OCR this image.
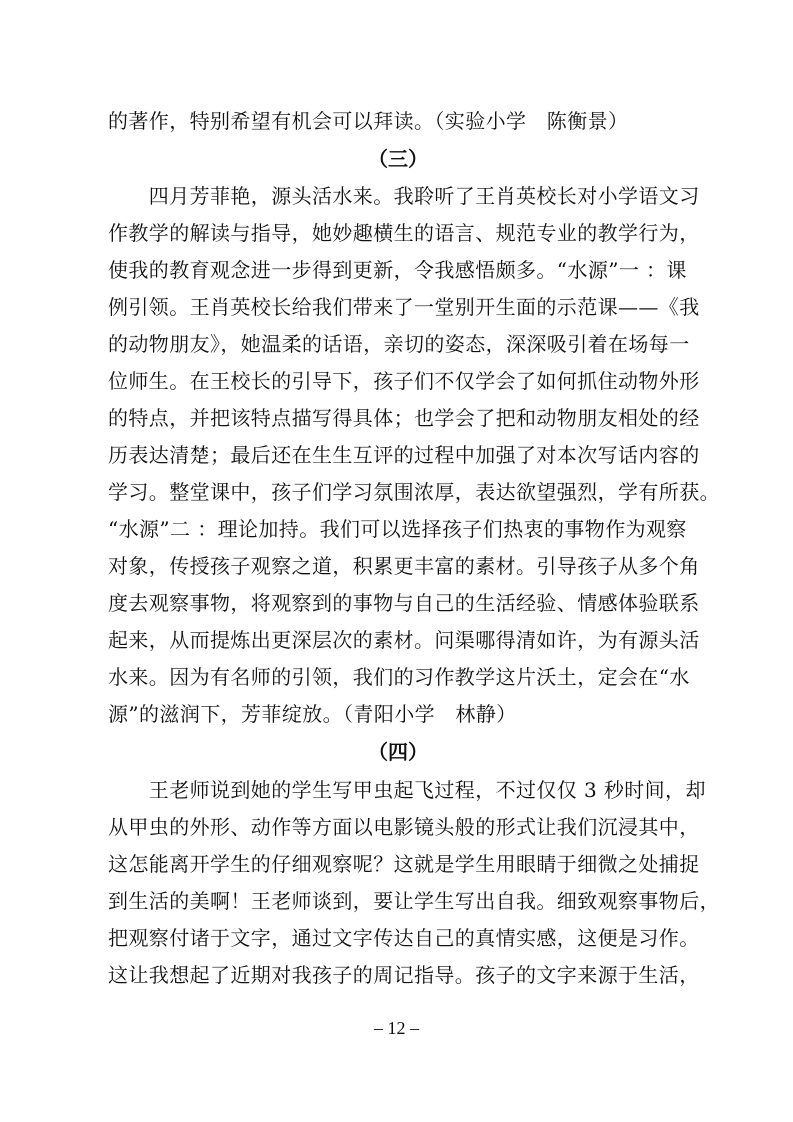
的著作，特别希望有机会可以拜读。（实验小学　陈衡景）
（三）
　　四月芳菲艳，源头活水来。我聆听了王肖英校长对小学语文习
作教学的解读与指导，她妙趣横生的语言、规范专业的教学行为，
使我的教育观念进一步得到更新，令我感悟颇多。“水源”一 ：课
例引领。王肖英校长给我们带来了一堂别开生面的示范课——《我
的动物朋友》，她温柔的话语，亲切的姿态，深深吸引着在场每一
位师生。在王校长的引导下，孩子们不仅学会了如何抓住动物外形
的特点，并把该特点描写得具体；也学会了把和动物朋友相处的经
历表达清楚；最后还在生生互评的过程中加强了对本次写话内容的
学习。整堂课中，孩子们学习氛围浓厚，表达欲望强烈，学有所获。
“水源”二 ：理论加持。我们可以选择孩子们热衷的事物作为观察
对象，传授孩子观察之道，积累更丰富的素材。引导孩子从多个角
度去观察事物，将观察到的事物与自己的生活经验、情感体验联系
起来，从而提炼出更深层次的素材。问渠哪得清如许，为有源头活
水来。因为有名师的引领，我们的习作教学这片沃土，定会在“水
源”的滋润下，芳菲绽放。（青阳小学　林静）
（四）
　　王老师说到她的学生写甲虫起飞过程，不过仅仅 3 秒时间，却
从甲虫的外形、动作等方面以电影镜头般的形式让我们沉浸其中，
这怎能离开学生的仔细观察呢？这就是学生用眼睛于细微之处捕捉
到生活的美啊！王老师谈到，要让学生写出自我。细致观察事物后，
把观察付诸于文字，通过文字传达自己的真情实感，这便是习作。
这让我想起了近期对我孩子的周记指导。孩子的文字来源于生活，
– 12 –
